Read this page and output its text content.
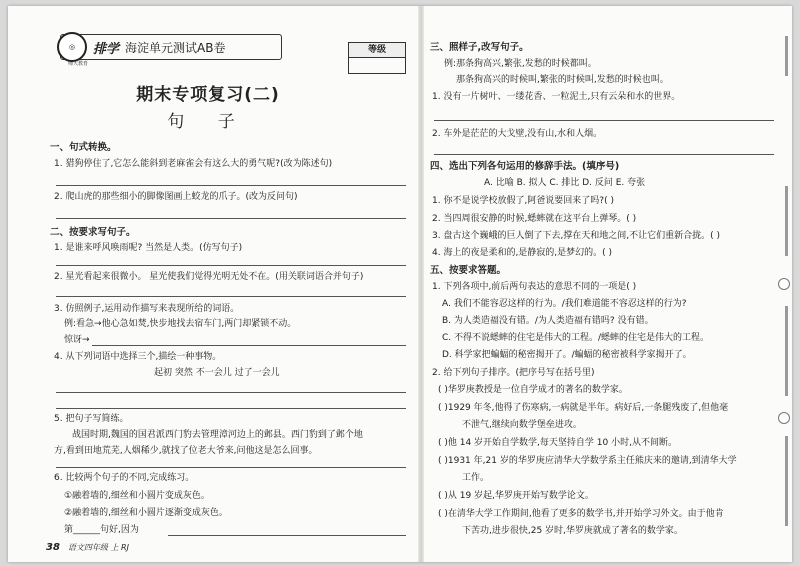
◎	排学 海淀单元测试AB卷
师大教育
等级
期末专项复习(二)
句 子
一、句式转换。
1. 猎狗停住了,它怎么能斜到老麻雀会有这么大的勇气呢?(改为陈述句)
2. 爬山虎的那些细小的脚像图画上蛟龙的爪子。(改为反问句)
二、按要求写句子。
1. 是谁来呼风唤雨呢? 当然是人类。(仿写句子)
2. 星光看起来很微小。 星光使我们觉得光明无处不在。(用关联词语合并句子)
3. 仿照例子,运用动作描写来表现所给的词语。
例:看急→他心急如焚,快步地找去宿车门,两门却紧锁不动。
惊讶→
4. 从下列词语中选择三个,描绘一种事物。
起初 突然 不一会儿 过了一会儿
5. 把句子写简练。
战国时期,魏国的国君派西门豹去管理漳河边上的邺县。西门豹到了邺个地
方,看到田地荒芜,人烟稀少,就找了位老大爷来,问他这是怎么回事。
6. 比较两个句子的不同,完成练习。
①融着墙的,细丝和小圆片变成灰色。
②融着墙的,细丝和小圆片逐渐变成灰色。
第______句好,因为
38 语文四年级 上 RJ
三、照样子,改写句子。
例:那条狗高兴,繁张,发愁的时候都叫。
那条狗高兴的时候叫,繁张的时候叫,发愁的时候也叫。
1. 没有一片树叶、一缕花香、一粒泥土,只有云朵和水的世界。
2. 车外是茫茫的大戈壁,没有山,水和人烟。
四、选出下列各句运用的修辞手法。(填序号)
A. 比喻 B. 拟人 C. 排比 D. 反问 E. 夸张
1. 你不是说学校放假了,阿爸说要回来了吗?( )
2. 当四周很安静的时候,蟋蟀就在这平台上弹琴。( )
3. 盘古这个巍峨的巨人倒了下去,撑在天和地之间,不让它们重新合拢。( )
4. 海上的夜是柔和的,是静寂的,是梦幻的。( )
五、按要求答题。
1. 下列各项中,前后两句表达的意思不同的一项是( )
A. 我们不能容忍这样的行为。/我们难道能不容忍这样的行为?
B. 为人类造福没有错。/为人类造福有错吗? 没有错。
C. 不得不说蟋蟀的住宅是伟大的工程。/蟋蟀的住宅是伟大的工程。
D. 科学家把蝙蝠的秘密揭开了。/蝙蝠的秘密被科学家揭开了。
2. 给下列句子排序。(把序号写在括号里)
( )华罗庚教授是一位自学成才的著名的数学家。
( )1929 年冬,他得了伤寒病,一病就是半年。病好后,一条腿残废了,但他毫
不泄气,继续向数学堡垒进攻。
( )他 14 岁开始自学数学,每天坚持自学 10 小时,从不间断。
( )1931 年,21 岁的华罗庚应清华大学数学系主任熊庆来的邀请,到清华大学
工作。
( )从 19 岁起,华罗庚开始写数学论文。
( )在清华大学工作期间,他看了更多的数学书,并开始学习外文。由于他肯
下苦功,进步很快,25 岁时,华罗庚就成了著名的数学家。
